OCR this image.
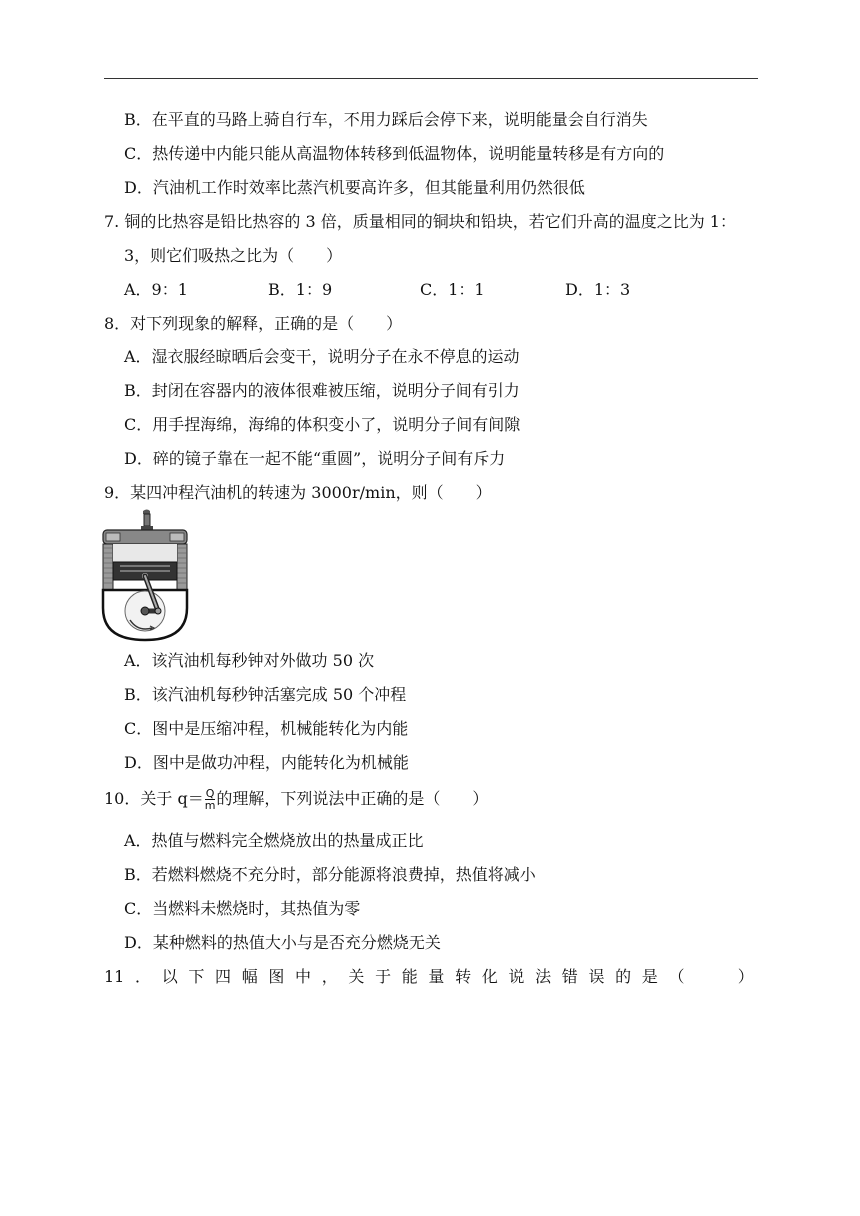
B．在平直的马路上骑自行车，不用力踩后会停下来，说明能量会自行消失
C．热传递中内能只能从高温物体转移到低温物体，说明能量转移是有方向的
D．汽油机工作时效率比蒸汽机要高许多，但其能量利用仍然很低
7. 铜的比热容是铅比热容的 3 倍，质量相同的铜块和铅块，若它们升高的温度之比为 1：
3，则它们吸热之比为（　　）
A．9：1	B．1：9	C．1：1	D．1：3
8．对下列现象的解释，正确的是（　　）
A．湿衣服经晾晒后会变干，说明分子在永不停息的运动
B．封闭在容器内的液体很难被压缩，说明分子间有引力
C．用手捏海绵，海绵的体积变小了，说明分子间有间隙
D．碎的镜子靠在一起不能“重圆”，说明分子间有斥力
9．某四冲程汽油机的转速为 3000r/min，则（　　）
A．该汽油机每秒钟对外做功 50 次
B．该汽油机每秒钟活塞完成 50 个冲程
C．图中是压缩冲程，机械能转化为内能
D．图中是做功冲程，内能转化为机械能
10．关于 $q= \frac{Q}{m}$ 的理解，下列说法中正确的是（　　）
A．热值与燃料完全燃烧放出的热量成正比
B．若燃料燃烧不充分时，部分能源将浪费掉，热值将减小
C．当燃料未燃烧时，其热值为零
D．某种燃料的热值大小与是否充分燃烧无关
11 ． 以 下 四 幅 图 中 ， 关 于 能 量 转 化 说 法 错 误 的 是 （
　　	）
